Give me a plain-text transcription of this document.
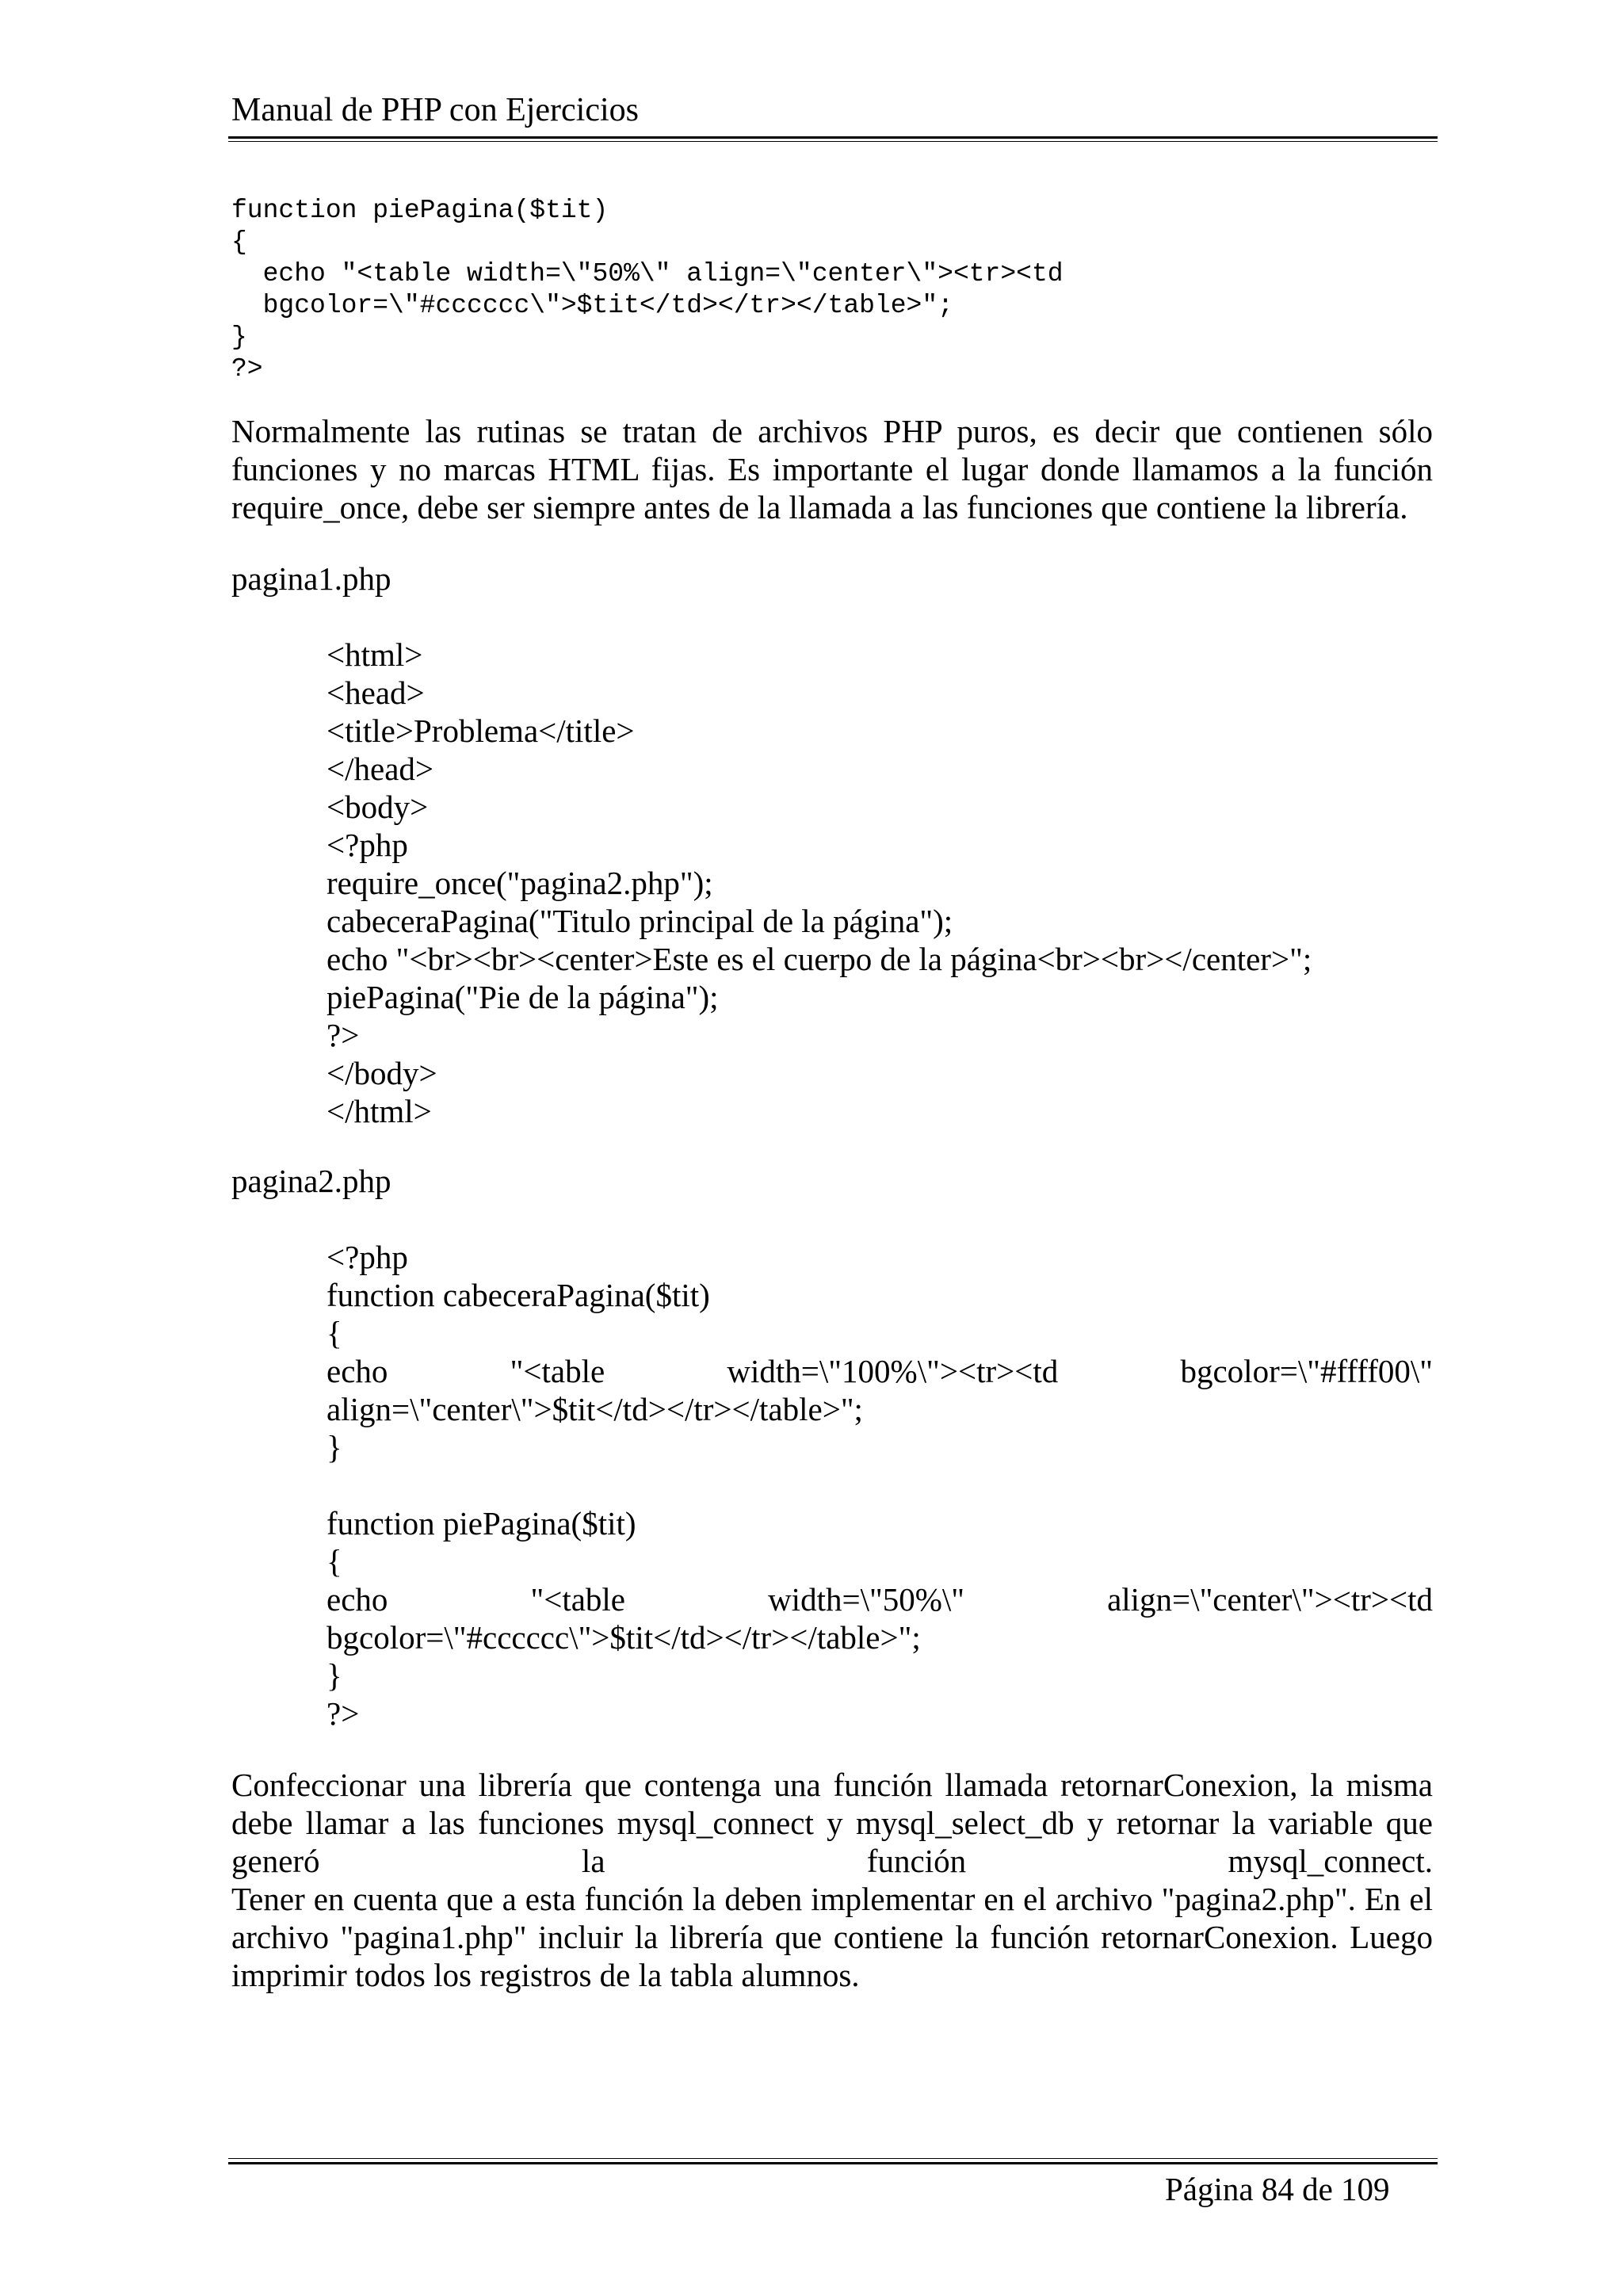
Manual de PHP con Ejercicios
function piePagina($tit)
{
echo "<table width=\"50%\" align=\"center\"><tr><td
bgcolor=\"#cccccc\">$tit</td></tr></table>";
}
?>

Normalmente las rutinas se tratan de archivos PHP puros, es decir que contienen sólo funciones y no marcas HTML fijas. Es importante el lugar donde llamamos a la función require_once, debe ser siempre antes de la llamada a las funciones que contiene la librería.

pagina1.php
<html>
<head>
<title>Problema</title>
</head>
<body>
<?php
require_once("pagina2.php");
cabeceraPagina("Titulo principal de la página");
echo "<br><br><center>Este es el cuerpo de la página<br><br></center>";
piePagina("Pie de la página");
?>
</body>
</html>
pagina2.php
<?php
function cabeceraPagina($tit)
{
echo "<table width=\"100%\"><tr><td bgcolor=\"#ffff00\"
align=\"center\">$tit</td></tr></table>";
}

function piePagina($tit)
{
echo "<table width=\"50%\" align=\"center\"><tr><td
bgcolor=\"#cccccc\">$tit</td></tr></table>";
}
?>
Confeccionar una librería que contenga una función llamada retornarConexion, la misma debe llamar a las funciones mysql_connect y mysql_select_db y retornar la variable que generó la función mysql_connect.
Tener en cuenta que a esta función la deben implementar en el archivo "pagina2.php". En el archivo "pagina1.php" incluir la librería que contiene la función retornarConexion. Luego imprimir todos los registros de la tabla alumnos.
Página 84 de 109
